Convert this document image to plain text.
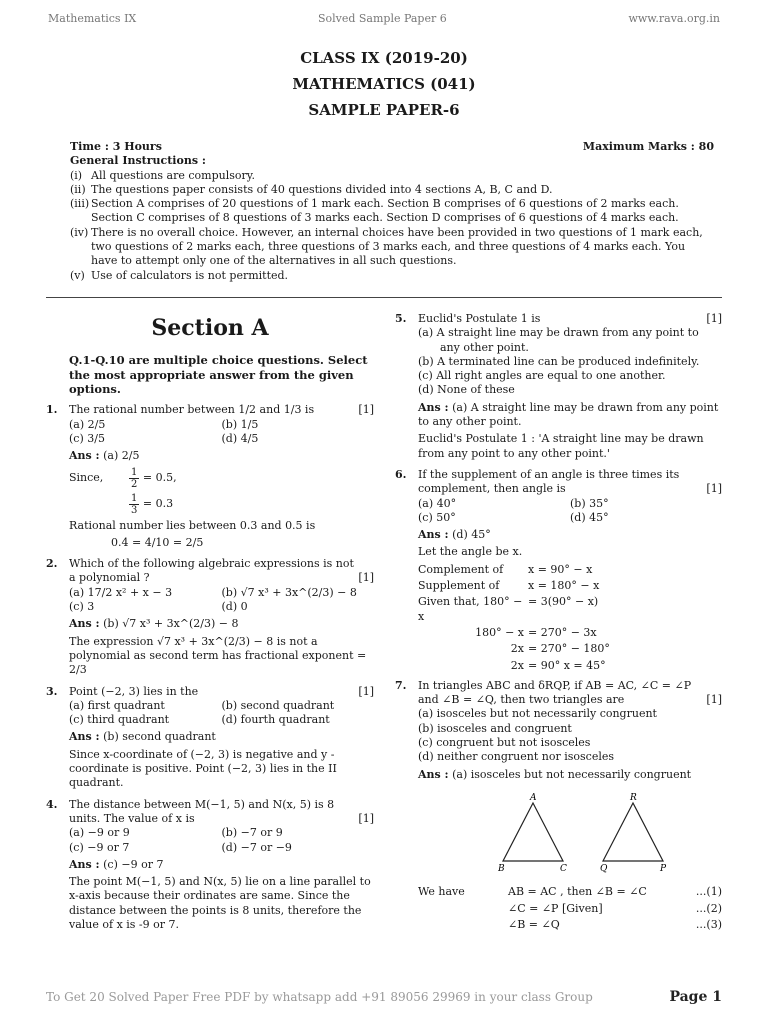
Mathematics IX	Solved Sample Paper 6	www.rava.org.in
CLASS IX (2019-20)
MATHEMATICS (041)
SAMPLE PAPER-6
Time : 3 Hours	Maximum Marks : 80
General Instructions :
(i) All questions are compulsory.
(ii) The questions paper consists of 40 questions divided into 4 sections A, B, C and D.
(iii) Section A comprises of 20 questions of 1 mark each. Section B comprises of 6 questions of 2 marks each. Section C comprises of 8 questions of 3 marks each. Section D comprises of 6 questions of 4 marks each.
(iv) There is no overall choice. However, an internal choices have been provided in two questions of 1 mark each, two questions of 2 marks each, three questions of 3 marks each, and three questions of 4 marks each. You have to attempt only one of the alternatives in all such questions.
(v) Use of calculators is not permitted.
Section A
Q.1-Q.10 are multiple choice questions. Select the most appropriate answer from the given options.
1.	The rational number between 1/2 and 1/3 is	[1]
(a) 2/5	(b) 1/5
(c) 3/5	(d) 4/5
Ans : (a) 2/5
Since,	$\frac{1}{2}$
= 0.5,
$\frac{1}{3}$
= 0.3
Rational number lies between 0.3 and 0.5 is
0.4 = 4/10 = 2/5
2.	Which of the following algebraic expressions is not a polynomial ?	[1]
(a) 17/2 x² + x − 3	(b) √7 x³ + 3x^(2/3) − 8
(c) 3	(d) 0
Ans : (b) √7 x³ + 3x^(2/3) − 8
The expression √7 x³ + 3x^(2/3) − 8 is not a polynomial as second term has fractional exponent = 2/3
3.	Point (−2, 3) lies in the	[1]
(a) first quadrant	(b) second quadrant
(c) third quadrant	(d) fourth quadrant
Ans : (b) second quadrant
Since x-coordinate of (−2, 3) is negative and y -coordinate is positive. Point (−2, 3) lies in the II quadrant.
4.	The distance between M(−1, 5) and N(x, 5) is 8 units. The value of x is	[1]
(a) −9 or 9	(b) −7 or 9
(c) −9 or 7	(d) −7 or −9
Ans : (c) −9 or 7
The point M(−1, 5) and N(x, 5) lie on a line parallel to x-axis because their ordinates are same. Since the distance between the points is 8 units, therefore the value of x is -9 or 7.
5.	Euclid's Postulate 1 is	[1]
(a) A straight line may be drawn from any point to any other point.
(b) A terminated line can be produced indefinitely.
(c) All right angles are equal to one another.
(d) None of these
Ans : (a) A straight line may be drawn from any point to any other point.
Euclid's Postulate 1 : 'A straight line may be drawn from any point to any other point.'
6.	If the supplement of an angle is three times its complement, then angle is	[1]
(a) 40°	(b) 35°
(c) 50°	(d) 45°
Ans : (d) 45°
Let the angle be x.
Complement of	x = 90° − x
Supplement of	x = 180° − x
Given that, 180° − x
= 3(90° − x)
180° − x = 270° − 3x
2x = 270° − 180°
2x = 90° x = 45°
7.	In triangles ABC and δRQP, if AB = AC, ∠C = ∠P and ∠B = ∠Q, then two triangles are	[1]
(a) isosceles but not necessarily congruent
(b) isosceles and congruent
(c) congruent but not isosceles
(d) neither congruent nor isosceles
Ans : (a) isosceles but not necessarily congruent
A
B	C
R
Q	P
We have	AB = AC , then ∠B = ∠C	...(1)
∠C = ∠P [Given]	...(2)
∠B = ∠Q	...(3)
To Get 20 Solved Paper Free PDF by whatsapp add +91 89056 29969 in your class Group	Page 1
